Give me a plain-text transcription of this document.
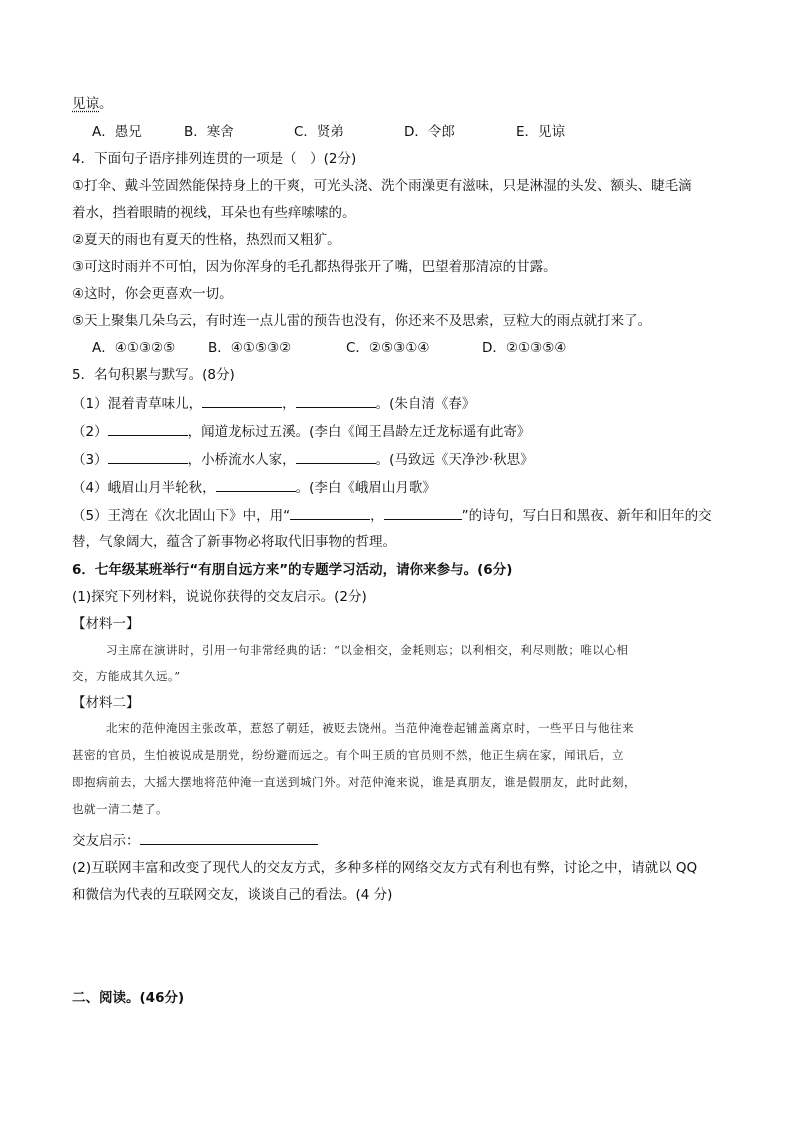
见谅。
A．愚兄	B．寒舍	C．贤弟	D．令郎	E．见谅
4．下面句子语序排列连贯的一项是（　）(2分)
①打伞、戴斗笠固然能保持身上的干爽，可光头浇、洗个雨澡更有滋味，只是淋湿的头发、额头、睫毛滴
着水，挡着眼睛的视线，耳朵也有些痒嗦嗦的。
②夏天的雨也有夏天的性格，热烈而又粗犷。
③可这时雨并不可怕，因为你浑身的毛孔都热得张开了嘴，巴望着那清凉的甘露。
④这时，你会更喜欢一切。
⑤天上聚集几朵乌云，有时连一点儿雷的预告也没有，你还来不及思索，豆粒大的雨点就打来了。
A．④①③②⑤ B．④①⑤③②	C．②⑤③①④	D．②①③⑤④
5．名句积累与默写。(8分)
（1）混着青草味儿，	，	。(朱自清《春》
（2）	，闻道龙标过五溪。(李白《闻王昌龄左迁龙标遥有此寄》
（3）	，小桥流水人家，	。(马致远《天净沙·秋思》
（4）峨眉山月半轮秋，	。(李白《峨眉山月歌》
（5）王湾在《次北固山下》中，用“	，	”的诗句，写白日和黑夜、新年和旧年的交
替，气象阔大，蕴含了新事物必将取代旧事物的哲理。
6．七年级某班举行“有朋自远方来”的专题学习活动，请你来参与。(6分)
(1)探究下列材料，说说你获得的交友启示。(2分)
【材料一】
习主席在演讲时，引用一句非常经典的话：“以金相交，金耗则忘；以利相交，利尽则散；唯以心相
交，方能成其久远。”
【材料二】
北宋的范仲淹因主张改革，惹怒了朝廷，被贬去饶州。当范仲淹卷起铺盖离京时，一些平日与他往来
甚密的官员，生怕被说成是朋党，纷纷避而远之。有个叫王质的官员则不然，他正生病在家，闻讯后，立
即抱病前去，大摇大摆地将范仲淹一直送到城门外。对范仲淹来说，谁是真朋友，谁是假朋友，此时此刻，
也就一清二楚了。
交友启示：
(2)互联网丰富和改变了现代人的交友方式，多种多样的网络交友方式有利也有弊，讨论之中，请就以 QQ
和微信为代表的互联网交友，谈谈自己的看法。(4 分)
二、阅读。(46分)
